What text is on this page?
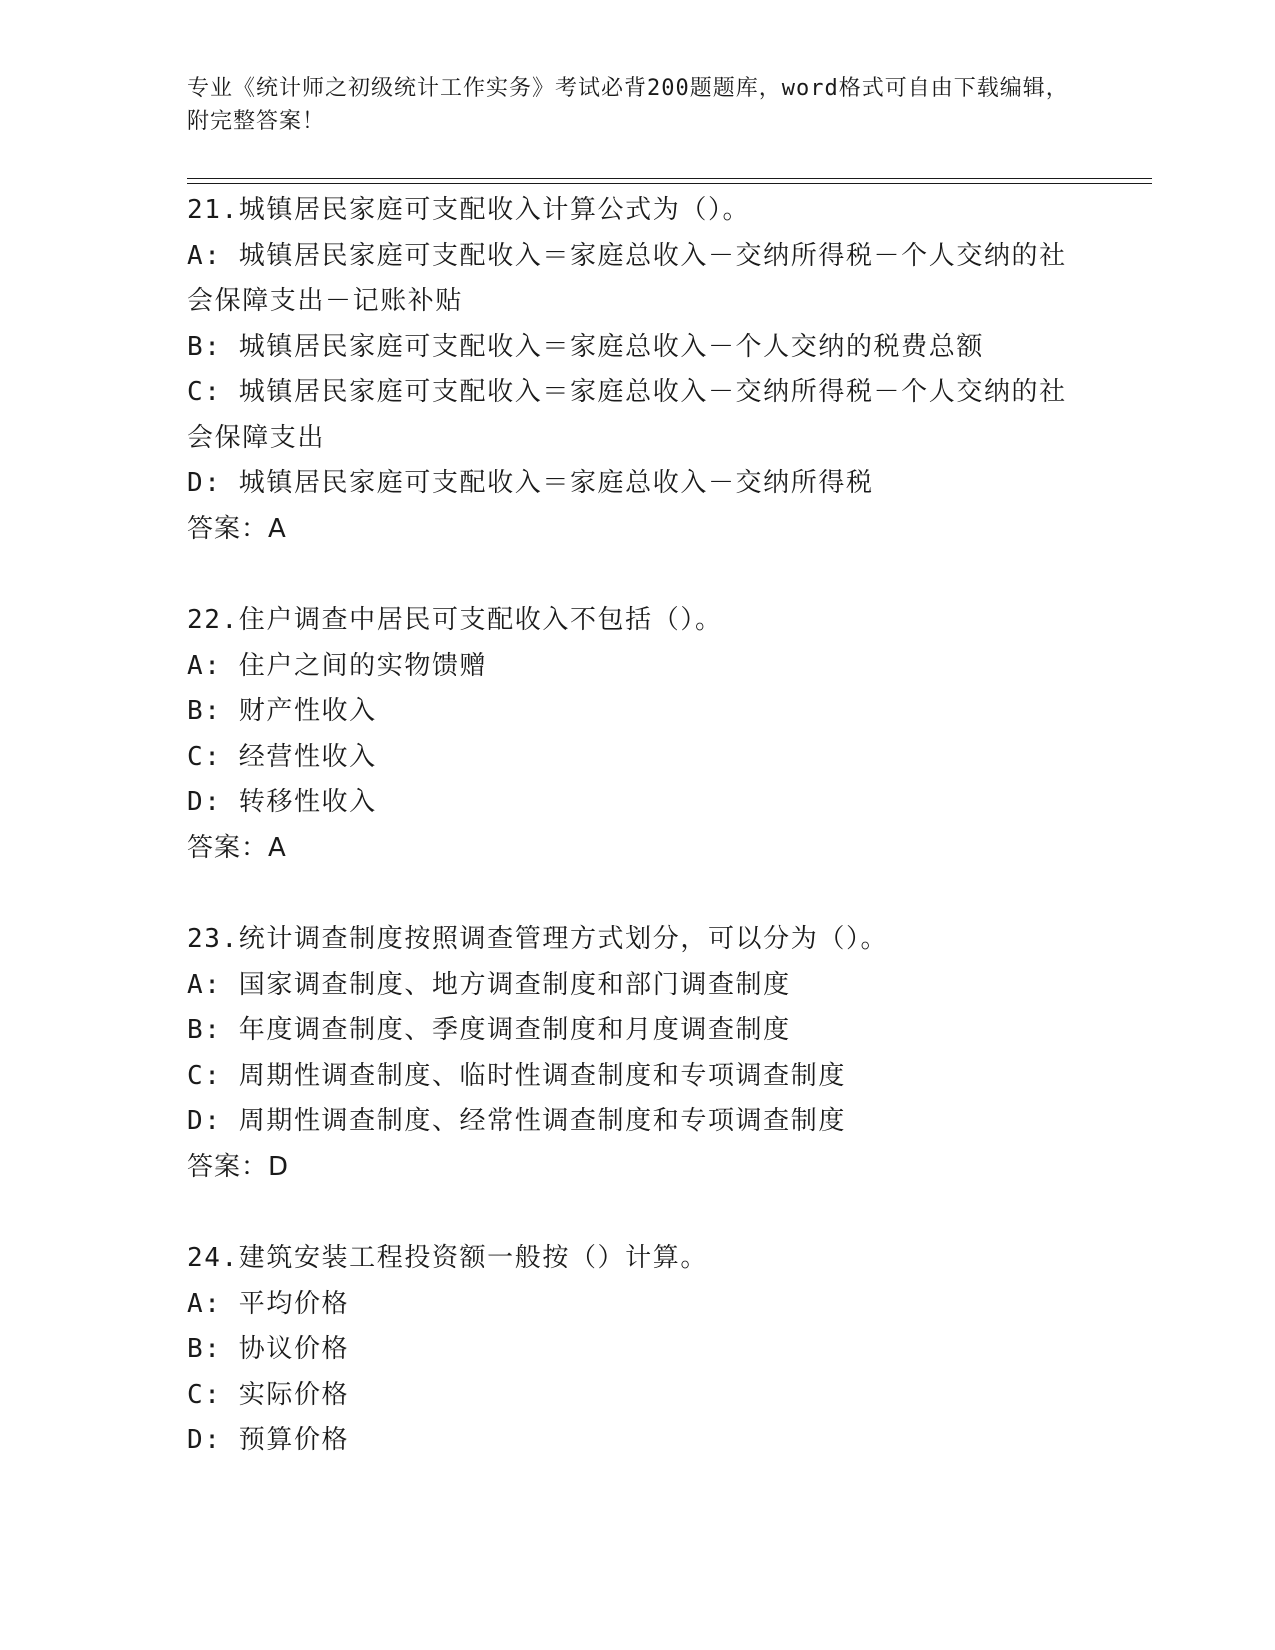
专业《统计师之初级统计工作实务》考试必背200题题库，word格式可自由下载编辑，附完整答案！

21.城镇居民家庭可支配收入计算公式为（）。

A: 城镇居民家庭可支配收入＝家庭总收入－交纳所得税－个人交纳的社会保障支出－记账补贴

B: 城镇居民家庭可支配收入＝家庭总收入－个人交纳的税费总额

C: 城镇居民家庭可支配收入＝家庭总收入－交纳所得税－个人交纳的社会保障支出

D: 城镇居民家庭可支配收入＝家庭总收入－交纳所得税

答案：A

22.住户调查中居民可支配收入不包括（）。

A: 住户之间的实物馈赠

B: 财产性收入

C: 经营性收入

D: 转移性收入

答案：A

23.统计调查制度按照调查管理方式划分，可以分为（）。

A: 国家调查制度、地方调查制度和部门调查制度

B: 年度调查制度、季度调查制度和月度调查制度

C: 周期性调查制度、临时性调查制度和专项调查制度

D: 周期性调查制度、经常性调查制度和专项调查制度

答案：D

24.建筑安装工程投资额一般按（）计算。

A: 平均价格

B: 协议价格

C: 实际价格

D: 预算价格
